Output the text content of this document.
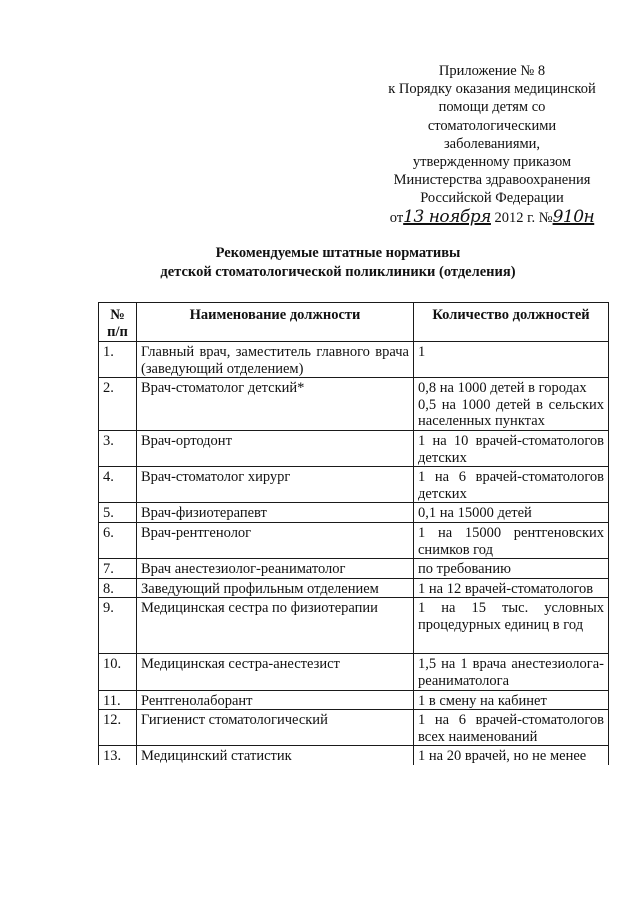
Приложение № 8
к Порядку оказания медицинской
помощи детям со
стоматологическими
заболеваниями,
утвержденному приказом
Министерства здравоохранения
Российской Федерации
от13 ноября 2012 г. №910н
Рекомендуемые штатные нормативы
детской стоматологической поликлиники (отделения)
№ п/п	Наименование должности	Количество должностей
1.	Главный врач, заместитель главного врача (заведующий отделением)	1
2.	Врач-стоматолог детский*	0,8 на 1000 детей в городах
0,5 на 1000 детей в сельских населенных пунктах

3.	Врач-ортодонт	1 на 10 врачей-стоматологов детских
4.	Врач-стоматолог хирург	1 на 6 врачей-стоматологов детских
5.	Врач-физиотерапевт	0,1 на 15000 детей
6.	Врач-рентгенолог	1 на 15000 рентгеновских снимков год
7.	Врач анестезиолог-реаниматолог	по требованию
8.	Заведующий профильным отделением	1 на 12 врачей-стоматологов
9.	Медицинская сестра по физиотерапии	1 на 15 тыс. условных процедурных единиц в год
10.	Медицинская сестра-анестезист	1,5 на 1 врача анестезиолога-реаниматолога
11.	Рентгенолаборант	1 в смену на кабинет
12.	Гигиенист стоматологический	1 на 6 врачей-стоматологов всех наименований
13.	Медицинский статистик	1 на 20 врачей, но не менее
